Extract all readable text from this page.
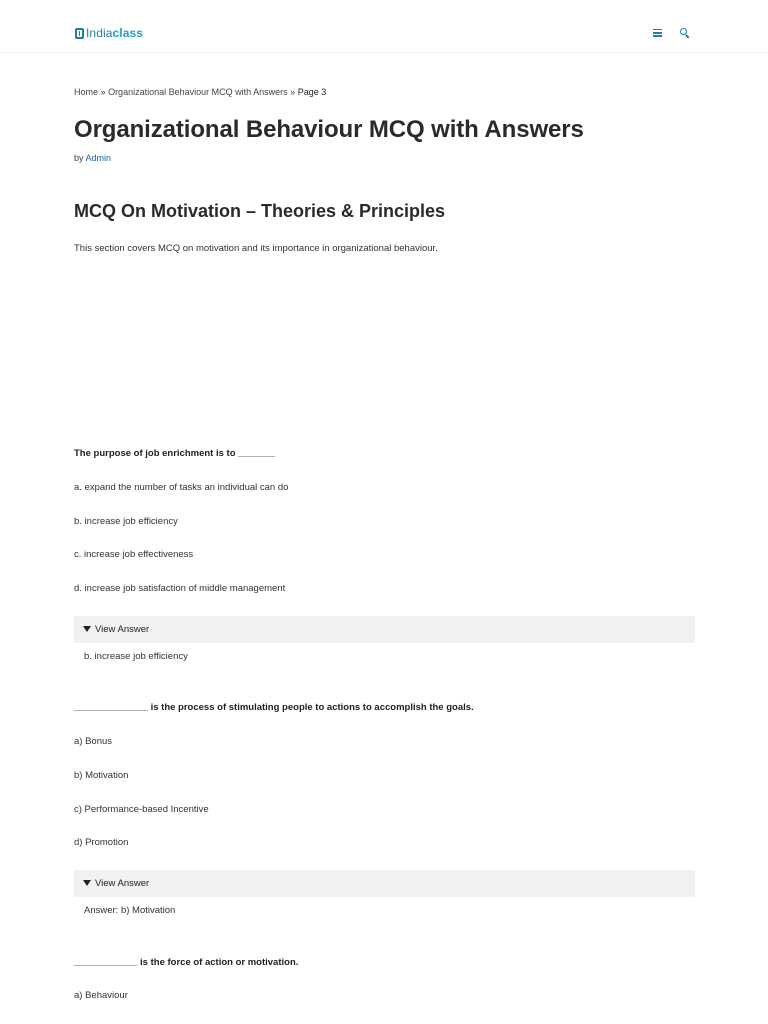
Indiaclass
Home » Organizational Behaviour MCQ with Answers » Page 3
Organizational Behaviour MCQ with Answers
by Admin
MCQ On Motivation – Theories & Principles
This section covers MCQ on motivation and its importance in organizational behaviour.
The purpose of job enrichment is to _______
a. expand the number of tasks an individual can do
b. increase job efficiency
c. increase job effectiveness
d. increase job satisfaction of middle management
View Answer
b. increase job efficiency
______________ is the process of stimulating people to actions to accomplish the goals.
a) Bonus
b) Motivation
c) Performance-based Incentive
d) Promotion
View Answer
Answer: b) Motivation
____________ is the force of action or motivation.
a) Behaviour
